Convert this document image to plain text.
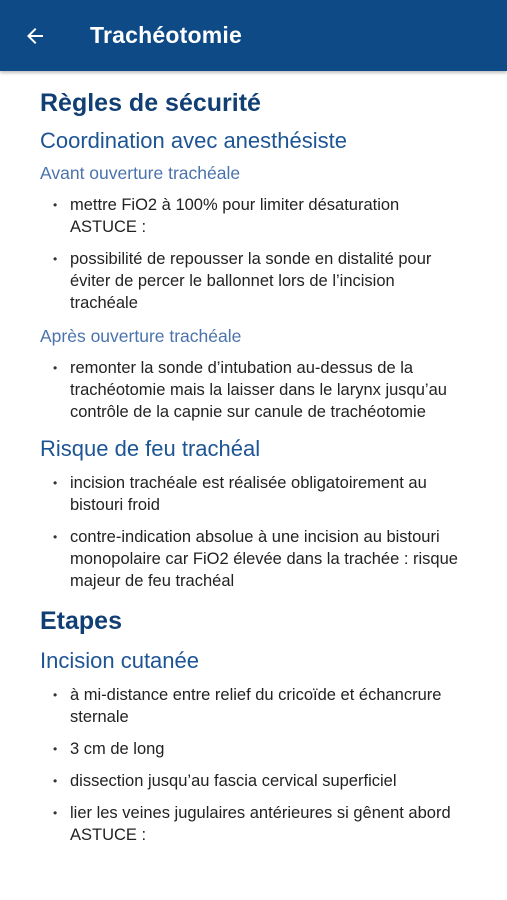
Trachéotomie
Règles de sécurité
Coordination avec anesthésiste
Avant ouverture trachéale
• mettre FiO2 à 100% pour limiter désaturation
ASTUCE :
• possibilité de repousser la sonde en distalité pour éviter de percer le ballonnet lors de l’incision trachéale
Après ouverture trachéale
• remonter la sonde d’intubation au-dessus de la trachéotomie mais la laisser dans le larynx jusqu’au contrôle de la capnie sur canule de trachéotomie
Risque de feu trachéal
• incision trachéale est réalisée obligatoirement au bistouri froid
• contre-indication absolue à une incision au bistouri monopolaire car FiO2 élevée dans la trachée : risque majeur de feu trachéal
Etapes
Incision cutanée
• à mi-distance entre relief du cricoïde et échancrure sternale
• 3 cm de long
• dissection jusqu’au fascia cervical superficiel
• lier les veines jugulaires antérieures si gênent abord
ASTUCE :
